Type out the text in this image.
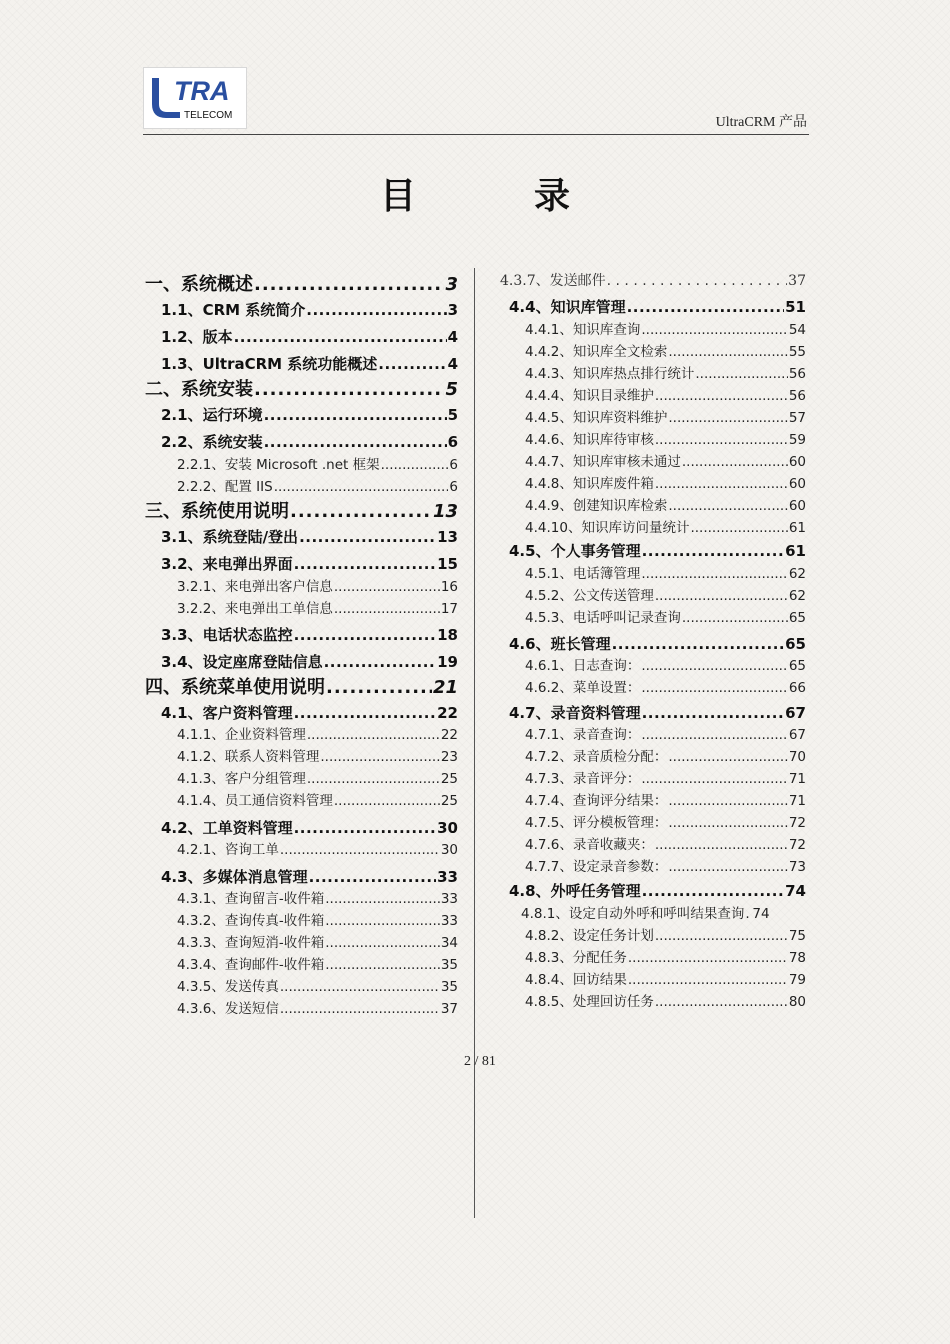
TRA
TELECOM	UltraCRM 产品
目	录
一、系统概述 .....	3
1.1、CRM 系统简介 .....	3
1.2、版本 .....	4
1.3、UltraCRM 系统功能概述 .....	4
二、系统安装 .....	5
2.1、运行环境 .....	5
2.2、系统安装 .....	6
2.2.1、安装 Microsoft .net 框架 .....	6
2.2.2、配置 IIS .....	6
三、系统使用说明 .....	13
3.1、系统登陆/登出 .....	13
3.2、来电弹出界面 .....	15
3.2.1、来电弹出客户信息 .....	16
3.2.2、来电弹出工单信息 .....	17
3.3、电话状态监控 .....	18
3.4、设定座席登陆信息 .....	19
四、系统菜单使用说明 .....	21
4.1、客户资料管理 .....	22
4.1.1、企业资料管理 .....	22
4.1.2、联系人资料管理 .....	23
4.1.3、客户分组管理 .....	25
4.1.4、员工通信资料管理 .....	25
4.2、工单资料管理 .....	30
4.2.1、咨询工单 .....	30
4.3、多媒体消息管理 .....	33
4.3.1、查询留言-收件箱 .....	33
4.3.2、查询传真-收件箱 .....	33
4.3.3、查询短消-收件箱 .....	34
4.3.4、查询邮件-收件箱 .....	35
4.3.5、发送传真 .....	35
4.3.6、发送短信 .....	37
4.3.7、发送邮件 . . .	37
4.4、知识库管理 .....	51
4.4.1、知识库查询 .....	54
4.4.2、知识库全文检索 .....	55
4.4.3、知识库热点排行统计 .....	56
4.4.4、知识目录维护 .....	56
4.4.5、知识库资料维护 .....	57
4.4.6、知识库待审核 .....	59
4.4.7、知识库审核未通过 .....	60
4.4.8、知识库废件箱 .....	60
4.4.9、创建知识库检索 .....	60
4.4.10、知识库访问量统计 .....	61
4.5、个人事务管理 .....	61
4.5.1、电话簿管理 .....	62
4.5.2、公文传送管理 .....	62
4.5.3、电话呼叫记录查询 .....	65
4.6、班长管理 .....	65
4.6.1、日志查询： .....	65
4.6.2、菜单设置： .....	66
4.7、录音资料管理 .....	67
4.7.1、录音查询： .....	67
4.7.2、录音质检分配： .....	70
4.7.3、录音评分： .....	71
4.7.4、查询评分结果： .....	71
4.7.5、评分模板管理： .....	72
4.7.6、录音收藏夹： .....	72
4.7.7、设定录音参数： .....	73
4.8、外呼任务管理 .....	74
4.8.1、设定自动外呼和呼叫结果查询 ..... 74
4.8.2、设定任务计划 .....	75
4.8.3、分配任务 .....	78
4.8.4、回访结果 .....	79
4.8.5、处理回访任务 .....	80
2 / 81
